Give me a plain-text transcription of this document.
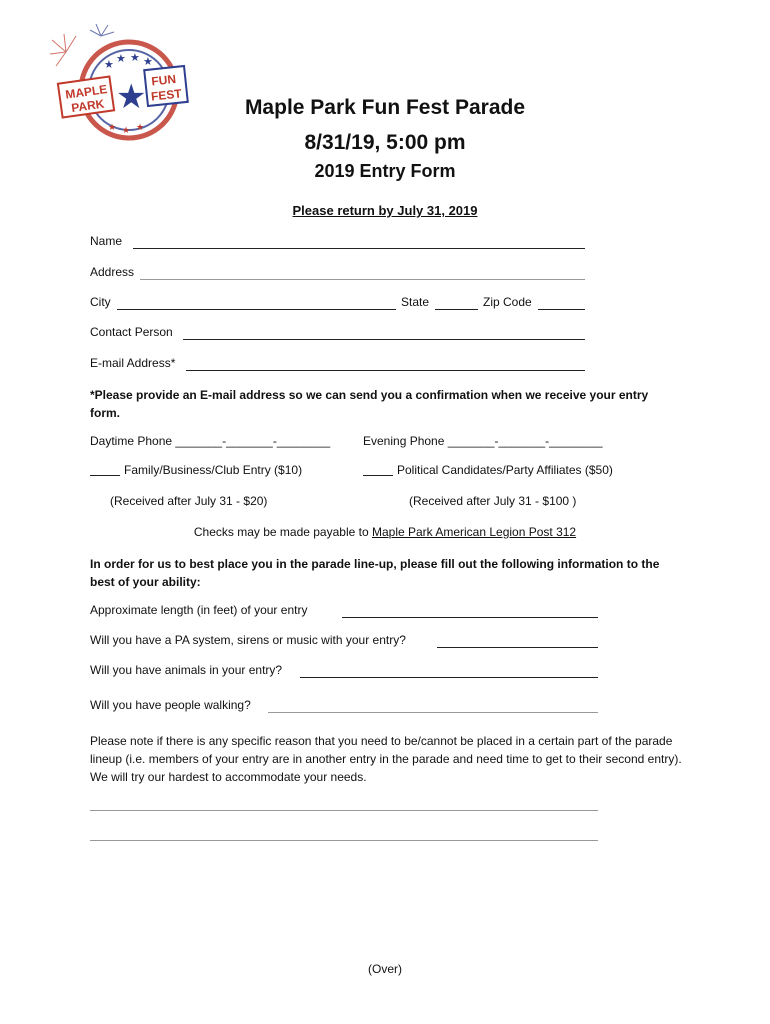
★ ★ ★ ★
MAPLE
PARK
FUN
FEST
★
★ ★ ★
Maple Park Fun Fest Parade
8/31/19, 5:00 pm
2019 Entry Form
Please return by July 31, 2019
Name
Address
City	State	Zip Code
Contact Person
E-mail Address*
*Please provide an E-mail address so we can send you a confirmation when we receive your entry form.
Daytime Phone _______-_______-________	Evening Phone _______-_______-________
Family/Business/Club Entry ($10)	Political Candidates/Party Affiliates ($50)
(Received after July 31 - $20)	(Received after July 31 - $100 )
Checks may be made payable to Maple Park American Legion Post 312
In order for us to best place you in the parade line-up, please fill out the following information to the best of your ability:
Approximate length (in feet) of your entry
Will you have a PA system, sirens or music with your entry?
Will you have animals in your entry?
Will you have people walking?
Please note if there is any specific reason that you need to be/cannot be placed in a certain part of the parade lineup (i.e. members of your entry are in another entry in the parade and need time to get to their second entry). We will try our hardest to accommodate your needs.
(Over)
